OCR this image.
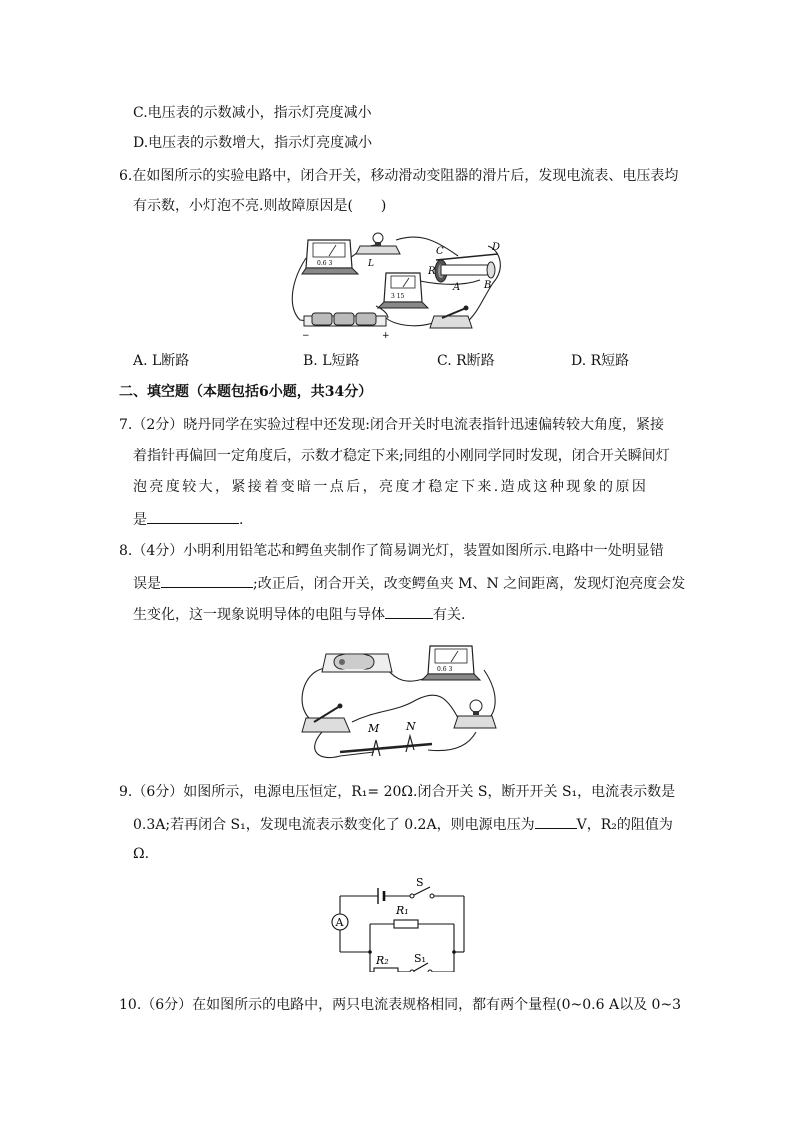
C.电压表的示数减小，指示灯亮度减小
D.电压表的示数增大，指示灯亮度减小
6.在如图所示的实验电路中，闭合开关，移动滑动变阻器的滑片后，发现电流表、电压表均
有示数，小灯泡不亮.则故障原因是(　　)
0.6 3	L
3 15
R
C	D
A B
−	+
A. L断路	B. L短路	C. R断路	D. R短路
二、填空题（本题包括6小题，共34分）
7.（2分）晓丹同学在实验过程中还发现:闭合开关时电流表指针迅速偏转较大角度，紧接
着指针再偏回一定角度后，示数才稳定下来;同组的小刚同学同时发现，闭合开关瞬间灯
泡亮度较大，紧接着变暗一点后，亮度才稳定下来.造成这种现象的原因
是	.
8.（4分）小明利用铅笔芯和鳄鱼夹制作了简易调光灯，装置如图所示.电路中一处明显错
误是	;改正后，闭合开关，改变鳄鱼夹 M、N 之间距离，发现灯泡亮度会发
生变化，这一现象说明导体的电阻与导体	有关.
0.6 3
M N
9.（6分）如图所示，电源电压恒定，R₁= 20Ω.闭合开关 S，断开开关 S₁，电流表示数是
0.3A;若再闭合 S₁，发现电流表示数变化了 0.2A，则电源电压为	V，R₂的阻值为
Ω.
S
A
R₁
R₂ S₁
10.（6分）在如图所示的电路中，两只电流表规格相同，都有两个量程(0~0.6 A以及 0~3
